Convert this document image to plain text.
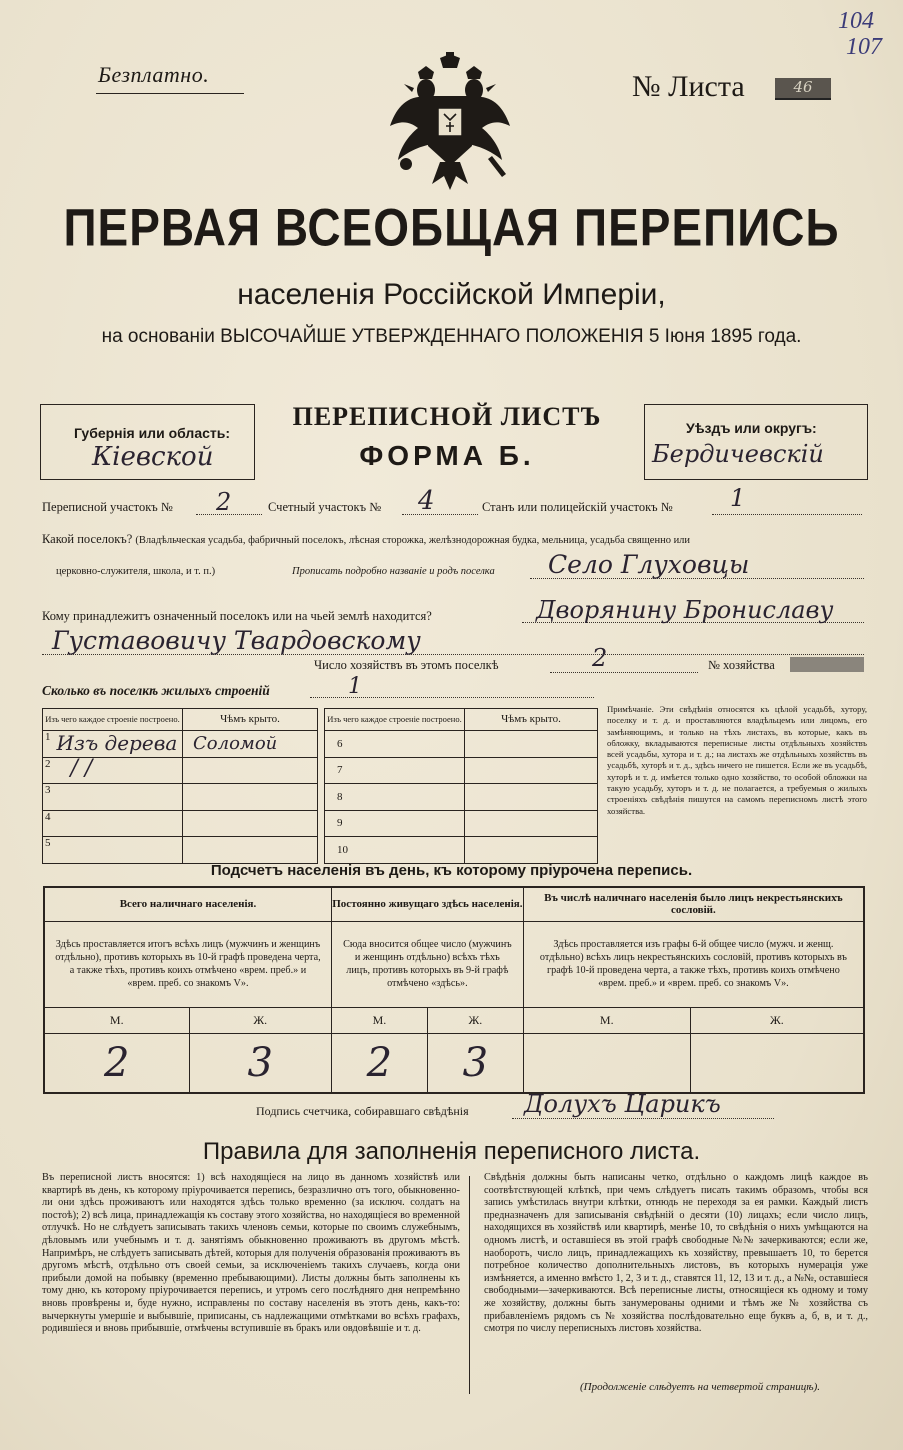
Безплатно.	№ Листа	46
104
107
ПЕРВАЯ ВСЕОБЩАЯ ПЕРЕПИСЬ
населенія Россійской Имперіи,
на основаніи ВЫСОЧАЙШЕ УТВЕРЖДЕННАГО ПОЛОЖЕНІЯ 5 Іюня 1895 года.
Губернія или область:
Кіевской
Уѣздъ или округъ:
Бердичевскій
ПЕРЕПИСНОЙ ЛИСТЪ
ФОРМА Б.
Переписной участокъ № 2	Счетный участокъ № 4	Станъ или полицейскій участокъ № 1
Какой поселокъ? (Владѣльческая усадьба, фабричный поселокъ, лѣсная сторожка, желѣзнодорожная будка, мельница, усадьба священно или
церковно-служителя, школа, и т. п.)	Прописать подробно названіе и родъ поселка Село Глуховцы
Кому принадлежитъ означенный поселокъ или на чьей землѣ находится?	Дворянину Брониславу
Густавовичу Твардовскому
Число хозяйствъ въ этомъ поселкѣ	2	№ хозяйства
Сколько въ поселкѣ жилыхъ строеній	1
Изъ чего каждое строеніе построено.		Чѣмъ крыто.
1	Изъ дерева	Соломой

2	/ /	

3		
4		
5		
Изъ чего каждое строеніе построено.		Чѣмъ крыто.
6		
7		
8		
9		
10		
Примѣчаніе. Эти свѣдѣнія относятся къ цѣлой усадьбѣ, хутору, поселку и т. д. и проставляются владѣльцемъ или лицомъ, его замѣняющимъ, и только на тѣхъ листахъ, въ которые, какъ въ обложку, вкладываются переписные листы отдѣльныхъ хозяйствъ всей усадьбы, хутора и т. д.; на листахъ же отдѣльныхъ хозяйствъ въ усадьбѣ, хуторѣ и т. д., здѣсь ничего не пишется. Если же въ усадьбѣ, хуторѣ и т. д. имѣется только одно хозяйство, то особой обложки на такую усадьбу, хуторъ и т. д. не полагается, а требуемыя о жилыхъ строеніяхъ свѣдѣнія пишутся на самомъ переписномъ листѣ этого хозяйства.
Подсчетъ населенія въ день, къ которому пріурочена перепись.
Всего наличнаго населенія.		Постоянно живущаго здѣсь населенія.		Въ числѣ наличнаго населенія было лицъ некрестьянскихъ сословій.	
Здѣсь проставляется итогъ всѣхъ лицъ (мужчинъ и женщинъ отдѣльно), противъ которыхъ въ 10-й графѣ проведена черта, а также тѣхъ, противъ коихъ отмѣчено «врем. преб.» и «врем. преб. со знакомъ V».		Сюда вносится общее число (мужчинъ и женщинъ отдѣльно) всѣхъ тѣхъ лицъ, противъ которыхъ въ 9-й графѣ отмѣчено «здѣсь».		Здѣсь проставляется изъ графы 6-й общее число (мужч. и женщ. отдѣльно) всѣхъ лицъ некрестьянскихъ сословій, противъ которыхъ въ графѣ 10-й проведена черта, а также тѣхъ, противъ коихъ отмѣчено «врем. преб.» и «врем. преб. со знакомъ V».	
М.	Ж.	М.	Ж.	М.	Ж.
2	3	2	3		
Подпись счетчика, собиравшаго свѣдѣнія Долухъ Царикъ
Правила для заполненія переписного листа.
Въ переписной листъ вносятся: 1) всѣ находящіеся на лицо въ данномъ хозяйствѣ или квартирѣ въ день, къ которому пріурочивается перепись, безразлично отъ того, обыкновенно-ли они здѣсь проживаютъ или находятся здѣсь только временно (за исключ. солдатъ на постоѣ); 2) всѣ лица, принадлежащія къ составу этого хозяйства, но находящіеся во временной отлучкѣ. Но не слѣдуетъ записывать такихъ членовъ семьи, которые по своимъ служебнымъ, дѣловымъ или учебнымъ и т. д. занятіямъ обыкновенно проживаютъ въ другомъ мѣстѣ. Напримѣръ, не слѣдуетъ записывать дѣтей, которыя для полученія образованія проживаютъ въ другомъ мѣстѣ, отдѣльно отъ своей семьи, за исключеніемъ такихъ случаевъ, когда они прибыли домой на побывку (временно пребывающими). Листы должны быть заполнены къ тому дню, къ которому пріурочивается перепись, и утромъ сего послѣдняго дня непремѣнно вновь провѣрены и, буде нужно, исправлены по составу населенія въ этотъ день, какъ-то: вычеркнуты умершіе и выбывшіе, приписаны, съ надлежащими отмѣтками во всѣхъ графахъ, родившіеся и вновь прибывшіе, отмѣчены вступившіе въ бракъ или овдовѣвшіе и т. д.
Свѣдѣнія должны быть написаны четко, отдѣльно о каждомъ лицѣ каждое въ соотвѣтствующей клѣткѣ, при чемъ слѣдуетъ писать такимъ образомъ, чтобы вся запись умѣстилась внутри клѣтки, отнюдь не переходя за ея рамки. Каждый листъ предназначенъ для записыванія свѣдѣній о десяти (10) лицахъ; если число лицъ, находящихся въ хозяйствѣ или квартирѣ, менѣе 10, то свѣдѣнія о нихъ умѣщаются на одномъ листѣ, и оставшіеся въ этой графѣ свободные №№ зачеркиваются; если же, наоборотъ, число лицъ, принадлежащихъ къ хозяйству, превышаетъ 10, то берется потребное количество дополнительныхъ листовъ, въ которыхъ нумерація уже измѣняется, а именно вмѣсто 1, 2, 3 и т. д., ставятся 11, 12, 13 и т. д., а №№, оставшіеся свободными—зачеркиваются. Всѣ переписные листы, относящіеся къ одному и тому же хозяйству, должны быть занумерованы одними и тѣмъ же № хозяйства съ прибавленіемъ рядомъ съ № хозяйства послѣдовательно еще буквъ а, б, в, и т. д., смотря по числу переписныхъ листовъ хозяйства.
(Продолженіе слѣдуетъ на четвертой страницѣ).
